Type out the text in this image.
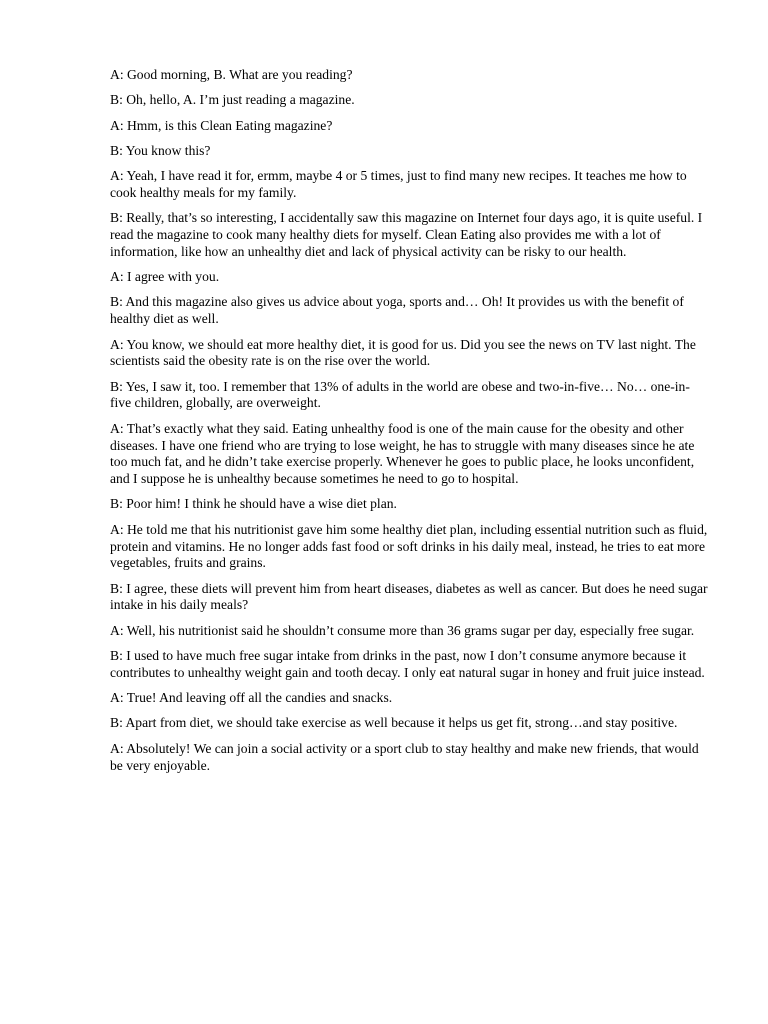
A: Good morning, B. What are you reading?

B: Oh, hello, A. I’m just reading a magazine.

A: Hmm, is this Clean Eating magazine?

B: You know this?

A: Yeah, I have read it for, ermm, maybe 4 or 5 times, just to find many new recipes. It teaches me how to cook healthy meals for my family.

B: Really, that’s so interesting, I accidentally saw this magazine on Internet four days ago, it is quite useful. I read the magazine to cook many healthy diets for myself. Clean Eating also provides me with a lot of information, like how an unhealthy diet and lack of physical activity can be risky to our health.

A: I agree with you.

B: And this magazine also gives us advice about yoga, sports and… Oh! It provides us with the benefit of healthy diet as well.

A: You know, we should eat more healthy diet, it is good for us. Did you see the news on TV last night. The scientists said the obesity rate is on the rise over the world.

B: Yes, I saw it, too. I remember that 13% of adults in the world are obese and two-in-five… No… one-in-five children, globally, are overweight.

A: That’s exactly what they said. Eating unhealthy food is one of the main cause for the obesity and other diseases. I have one friend who are trying to lose weight, he has to struggle with many diseases since he ate too much fat, and he didn’t take exercise properly. Whenever he goes to public place, he looks unconfident, and I suppose he is unhealthy because sometimes he need to go to hospital.

B: Poor him! I think he should have a wise diet plan.

A: He told me that his nutritionist gave him some healthy diet plan, including essential nutrition such as fluid, protein and vitamins. He no longer adds fast food or soft drinks in his daily meal, instead, he tries to eat more vegetables, fruits and grains.

B: I agree, these diets will prevent him from heart diseases, diabetes as well as cancer. But does he need sugar intake in his daily meals?

A: Well, his nutritionist said he shouldn’t consume more than 36 grams sugar per day, especially free sugar.

B: I used to have much free sugar intake from drinks in the past, now I don’t consume anymore because it contributes to unhealthy weight gain and tooth decay. I only eat natural sugar in honey and fruit juice instead.

A: True! And leaving off all the candies and snacks.

B: Apart from diet, we should take exercise as well because it helps us get fit, strong…and stay positive.

A: Absolutely! We can join a social activity or a sport club to stay healthy and make new friends, that would be very enjoyable.
